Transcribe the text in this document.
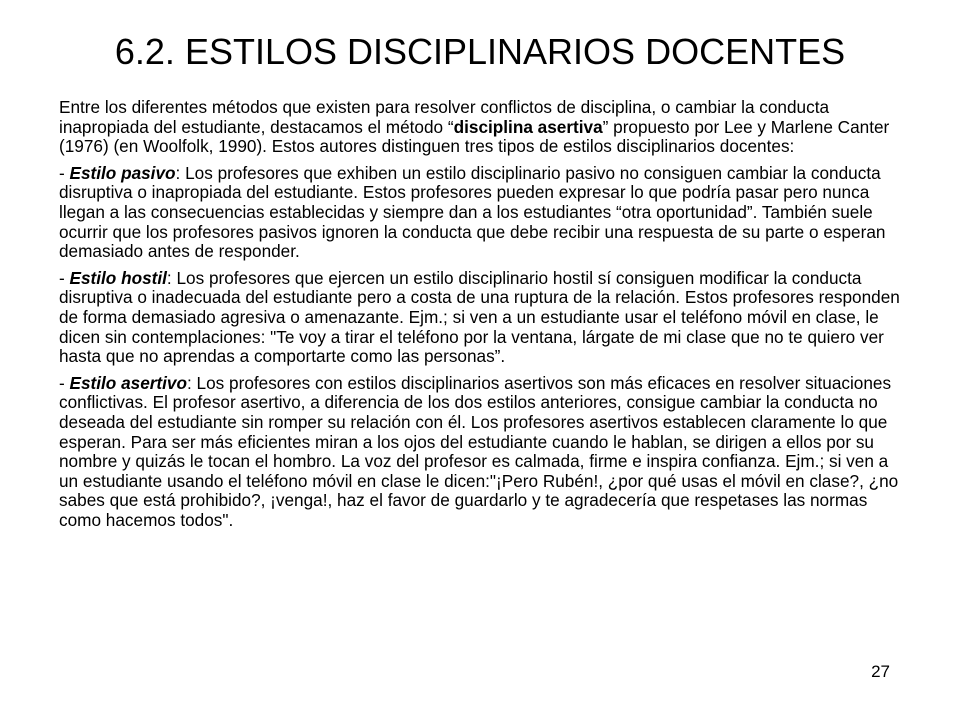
6.2. ESTILOS DISCIPLINARIOS DOCENTES

Entre los diferentes métodos que existen para resolver conflictos de disciplina, o cambiar la conducta inapropiada del estudiante, destacamos el método “disciplina asertiva” propuesto por Lee y Marlene Canter (1976) (en Woolfolk, 1990). Estos autores distinguen tres tipos de estilos disciplinarios docentes:

- Estilo pasivo: Los profesores que exhiben un estilo disciplinario pasivo no consiguen cambiar la conducta disruptiva o inapropiada del estudiante. Estos profesores pueden expresar lo que podría pasar pero nunca llegan a las consecuencias establecidas y siempre dan a los estudiantes “otra oportunidad”. También suele ocurrir que los profesores pasivos ignoren la conducta que debe recibir una respuesta de su parte o esperan demasiado antes de responder.

- Estilo hostil: Los profesores que ejercen un estilo disciplinario hostil sí consiguen modificar la conducta disruptiva o inadecuada del estudiante pero a costa de una ruptura de la relación. Estos profesores responden de forma demasiado agresiva o amenazante. Ejm.; si ven a un estudiante usar el teléfono móvil en clase, le dicen sin contemplaciones: "Te voy a tirar el teléfono por la ventana, lárgate de mi clase que no te quiero ver hasta que no aprendas a comportarte como las personas”.

- Estilo asertivo: Los profesores con estilos disciplinarios asertivos son más eficaces en resolver situaciones conflictivas. El profesor asertivo, a diferencia de los dos estilos anteriores, consigue cambiar la conducta no deseada del estudiante sin romper su relación con él. Los profesores asertivos establecen claramente lo que esperan. Para ser más eficientes miran a los ojos del estudiante cuando le hablan, se dirigen a ellos por su nombre y quizás le tocan el hombro. La voz del profesor es calmada, firme e inspira confianza. Ejm.; si ven a un estudiante usando el teléfono móvil en clase le dicen:"¡Pero Rubén!, ¿por qué usas el móvil en clase?, ¿no sabes que está prohibido?, ¡venga!, haz el favor de guardarlo y te agradecería que respetases las normas como hacemos todos".

27
